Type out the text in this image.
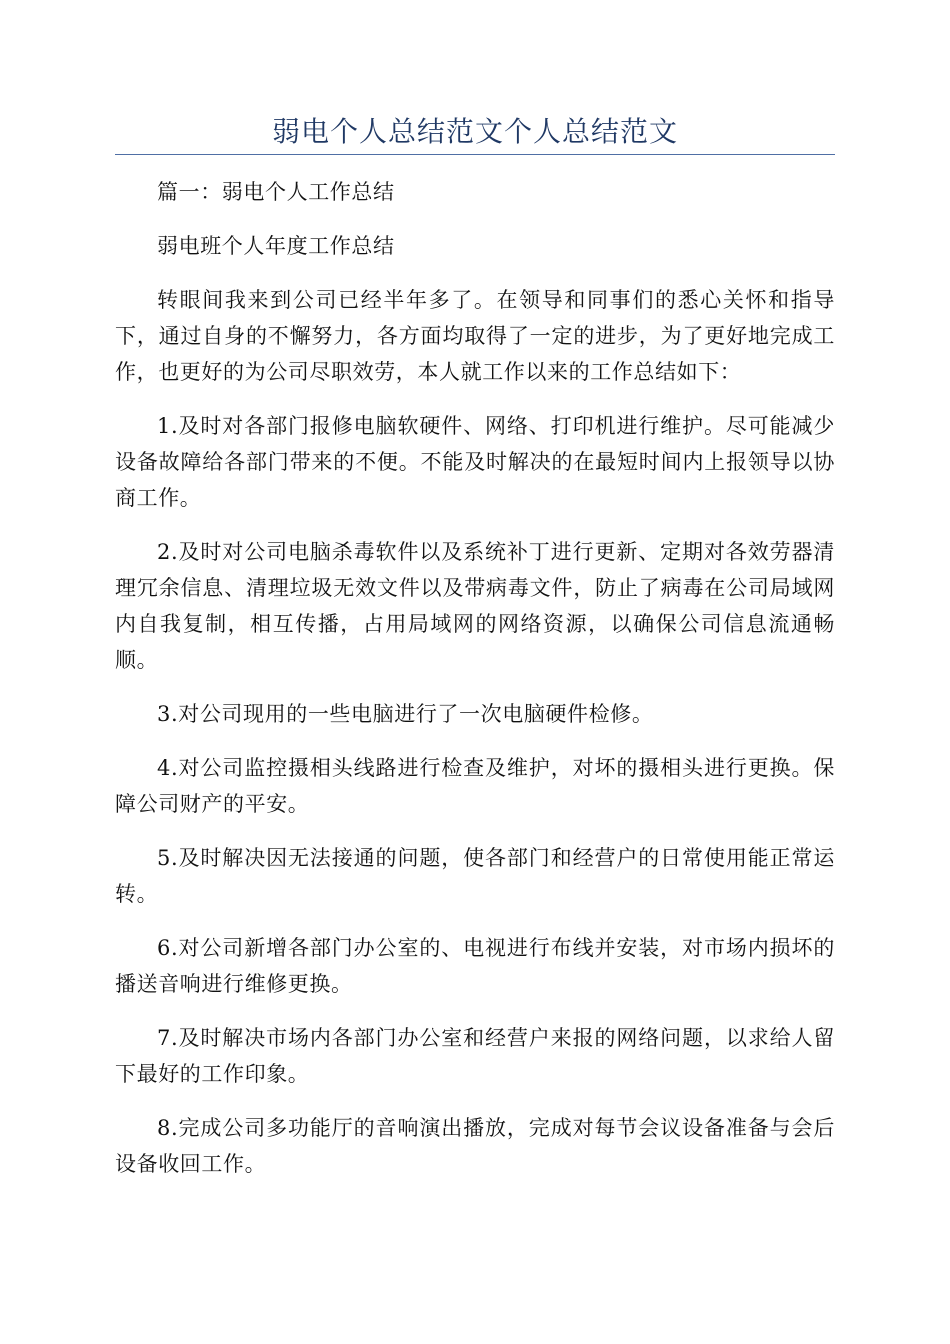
弱电个人总结范文个人总结范文

篇一：弱电个人工作总结

弱电班个人年度工作总结

转眼间我来到公司已经半年多了。在领导和同事们的悉心关怀和指导下，通过自身的不懈努力，各方面均取得了一定的进步，为了更好地完成工作，也更好的为公司尽职效劳，本人就工作以来的工作总结如下：

1.及时对各部门报修电脑软硬件、网络、打印机进行维护。尽可能减少设备故障给各部门带来的不便。不能及时解决的在最短时间内上报领导以协商工作。

2.及时对公司电脑杀毒软件以及系统补丁进行更新、定期对各效劳器清理冗余信息、清理垃圾无效文件以及带病毒文件，防止了病毒在公司局域网内自我复制，相互传播，占用局域网的网络资源，以确保公司信息流通畅顺。

3.对公司现用的一些电脑进行了一次电脑硬件检修。

4.对公司监控摄相头线路进行检查及维护，对坏的摄相头进行更换。保障公司财产的平安。

5.及时解决因无法接通的问题，使各部门和经营户的日常使用能正常运转。

6.对公司新增各部门办公室的、电视进行布线并安装，对市场内损坏的播送音响进行维修更换。

7.及时解决市场内各部门办公室和经营户来报的网络问题，以求给人留下最好的工作印象。

8.完成公司多功能厅的音响演出播放，完成对每节会议设备准备与会后设备收回工作。
